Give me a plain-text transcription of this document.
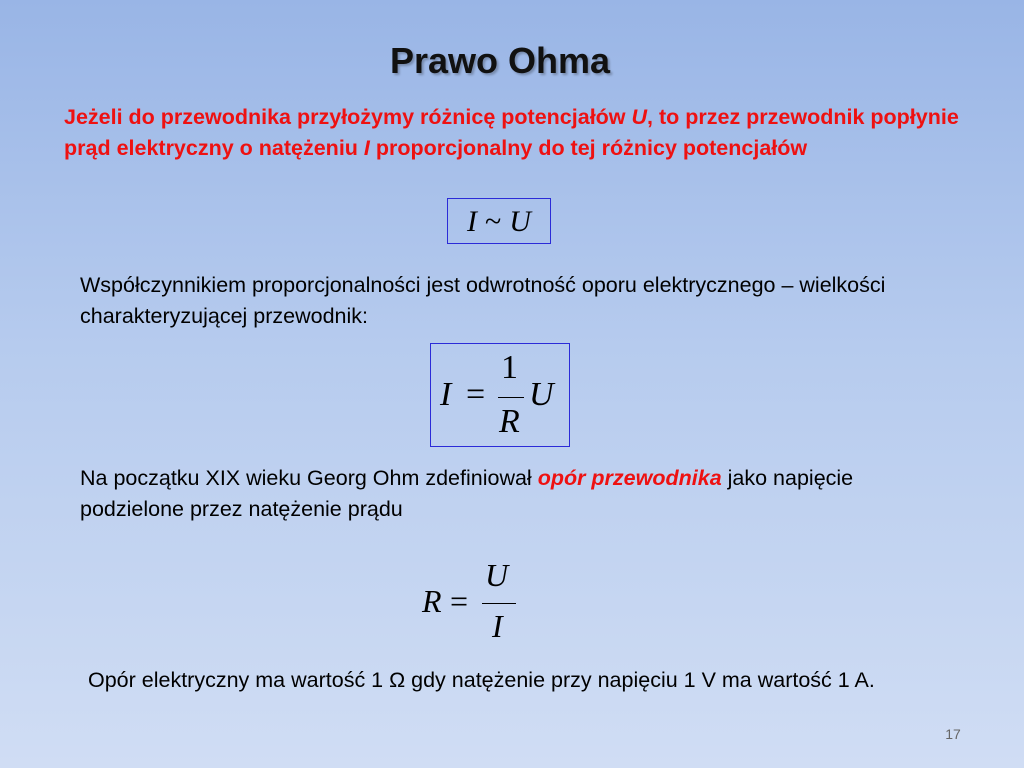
Prawo Ohma
Jeżeli do przewodnika przyłożymy różnicę potencjałów U, to przez przewodnik popłynie prąd elektryczny o natężeniu I proporcjonalny do tej różnicy potencjałów
I ~ U
Współczynnikiem proporcjonalności jest odwrotność oporu elektrycznego – wielkości charakteryzującej przewodnik:
I =
1
R
U
Na początku XIX wieku Georg Ohm zdefiniował opór przewodnika jako napięcie podzielone przez natężenie prądu
R =
U
I
Opór elektryczny ma wartość 1 Ω gdy natężenie przy napięciu 1 V ma wartość 1 A.
17
